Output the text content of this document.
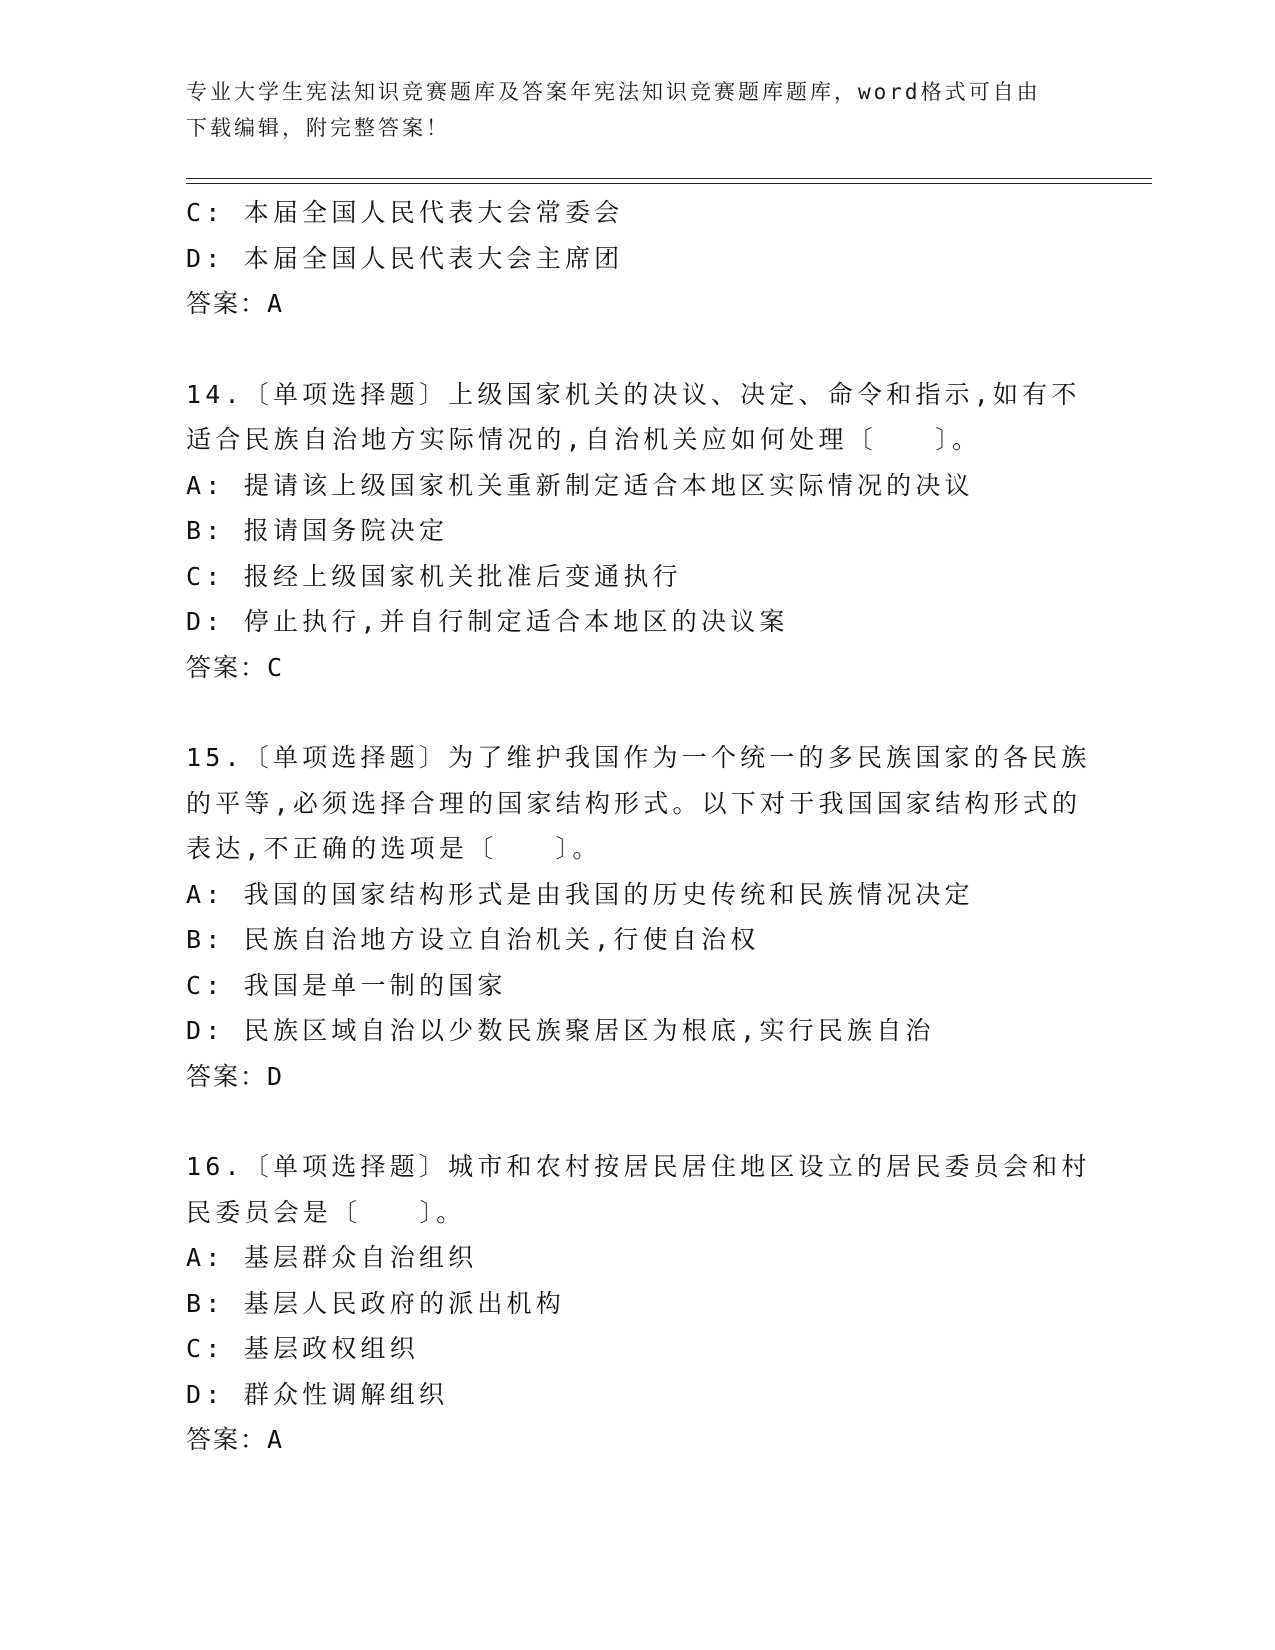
专业大学生宪法知识竞赛题库及答案年宪法知识竞赛题库题库，word格式可自由
下载编辑，附完整答案！
C: 本届全国人民代表大会常委会
D: 本届全国人民代表大会主席团
答案：A
14.〔单项选择题〕上级国家机关的决议、决定、命令和指示,如有不
适合民族自治地方实际情况的,自治机关应如何处理〔　　〕。
A: 提请该上级国家机关重新制定适合本地区实际情况的决议
B: 报请国务院决定
C: 报经上级国家机关批准后变通执行
D: 停止执行,并自行制定适合本地区的决议案
答案：C
15.〔单项选择题〕为了维护我国作为一个统一的多民族国家的各民族
的平等,必须选择合理的国家结构形式。以下对于我国国家结构形式的
表达,不正确的选项是〔　　〕。
A: 我国的国家结构形式是由我国的历史传统和民族情况决定
B: 民族自治地方设立自治机关,行使自治权
C: 我国是单一制的国家
D: 民族区域自治以少数民族聚居区为根底,实行民族自治
答案：D
16.〔单项选择题〕城市和农村按居民居住地区设立的居民委员会和村
民委员会是〔　　〕。
A: 基层群众自治组织
B: 基层人民政府的派出机构
C: 基层政权组织
D: 群众性调解组织
答案：A
